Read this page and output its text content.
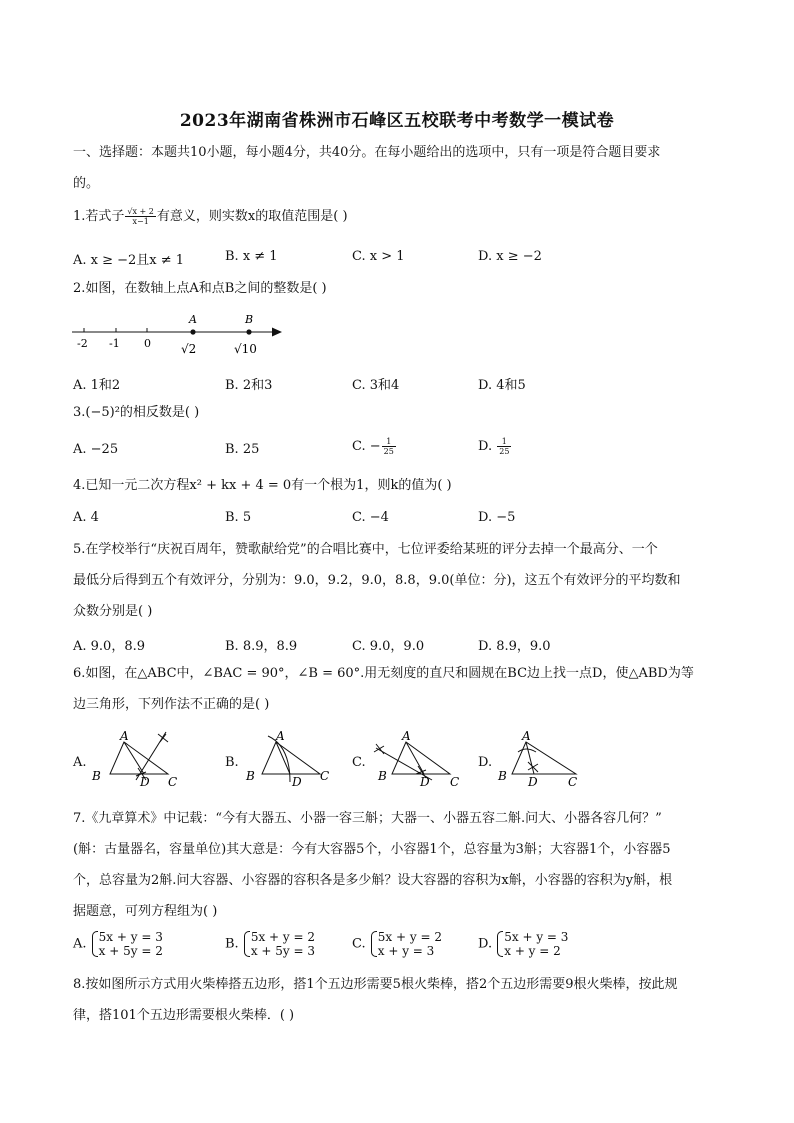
2023年湖南省株洲市石峰区五校联考中考数学一模试卷
一、选择题：本题共10小题，每小题4分，共40分。在每小题给出的选项中，只有一项是符合题目要求
的。
1.若式子 $\frac{√x + 2}{x-1}$ 有意义，则实数x的取值范围是( )
A. x ≥ −2且x ≠ 1	B. x ≠ 1	C. x > 1	D. x ≥ −2
2.如图，在数轴上点A和点B之间的整数是( )
-2 -1 0
A	B
√2	√10
A. 1和2	B. 2和3	C. 3和4	D. 4和5
3.(−5)²的相反数是( )
A. −25	B. 25	C. − $\frac{1}{25}$	D. $\frac{1}{25}$
4.已知一元二次方程x² + kx + 4 = 0有一个根为1，则k的值为( )
A. 4	B. 5	C. −4	D. −5
5.在学校举行“庆祝百周年，赞歌献给党”的合唱比赛中，七位评委给某班的评分去掉一个最高分、一个
最低分后得到五个有效评分，分别为：9.0，9.2，9.0，8.8，9.0(单位：分)，这五个有效评分的平均数和
众数分别是( )
A. 9.0，8.9	B. 8.9，8.9	C. 9.0，9.0	D. 8.9，9.0
6.如图，在△ABC中，∠BAC = 90°，∠B = 60°.用无刻度的直尺和圆规在BC边上找一点D，使△ABD为等
边三角形，下列作法不正确的是( )
A.
A
B	D C
B.
A
B	D C
C.
A
B	D C
D.
A
B D	C
7.《九章算术》中记载：“今有大器五、小器一容三斛；大器一、小器五容二斛.问大、小器各容几何？”
(斛：古量器名，容量单位)其大意是：今有大容器5个，小容器1个，总容量为3斛；大容器1个，小容器5
个，总容量为2斛.问大容器、小容器的容积各是多少斛？设大容器的容积为x斛，小容器的容积为y斛，根
据题意，可列方程组为( )
A. 5x + y = 3
x + 5y = 2	B. 5x + y = 2
x + 5y = 3	C. 5x + y = 2
x + y = 3	D. 5x + y = 3
x + y = 2
8.按如图所示方式用火柴棒搭五边形，搭1个五边形需要5根火柴棒，搭2个五边形需要9根火柴棒，按此规
律，搭101个五边形需要根火柴棒．( )
